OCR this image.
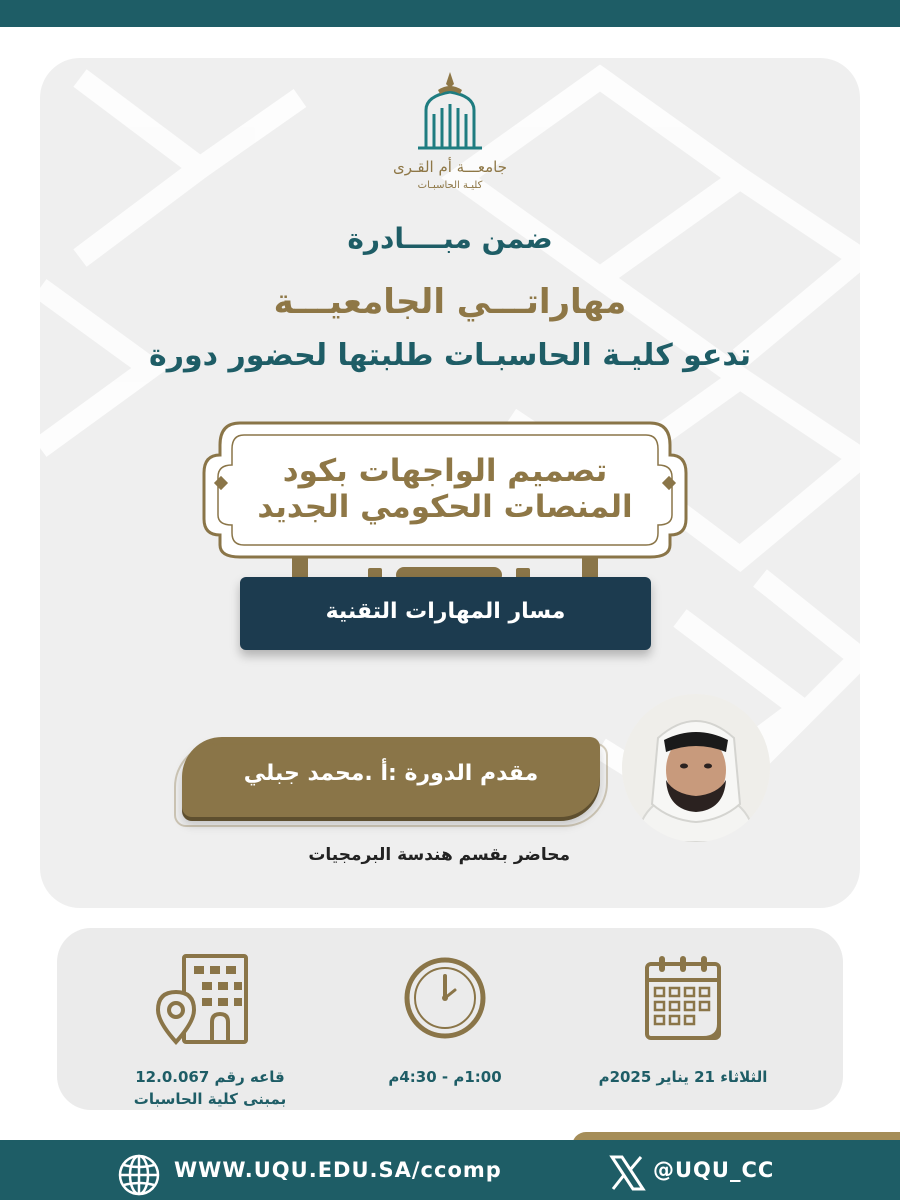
جامعـــة أم القـرى
كليـة الحاسبـات
ضمن مبــــادرة
مهاراتـــي الجامعيـــة
تدعو كليـة الحاسبـات طلبتها لحضور دورة
تصميم الواجهات بكود
المنصات الحكومي الجديد
مسار المهارات التقنية
مقدم الدورة :أ .محمد جبلي
محاضر بقسم هندسة البرمجيات
قاعه رقم 12.0.067
بمبنى كلية الحاسبات
1:00م - 4:30م	الثلاثاء 21 يناير 2025م
WWW.UQU.EDU.SA/ccomp	@UQU_CC
